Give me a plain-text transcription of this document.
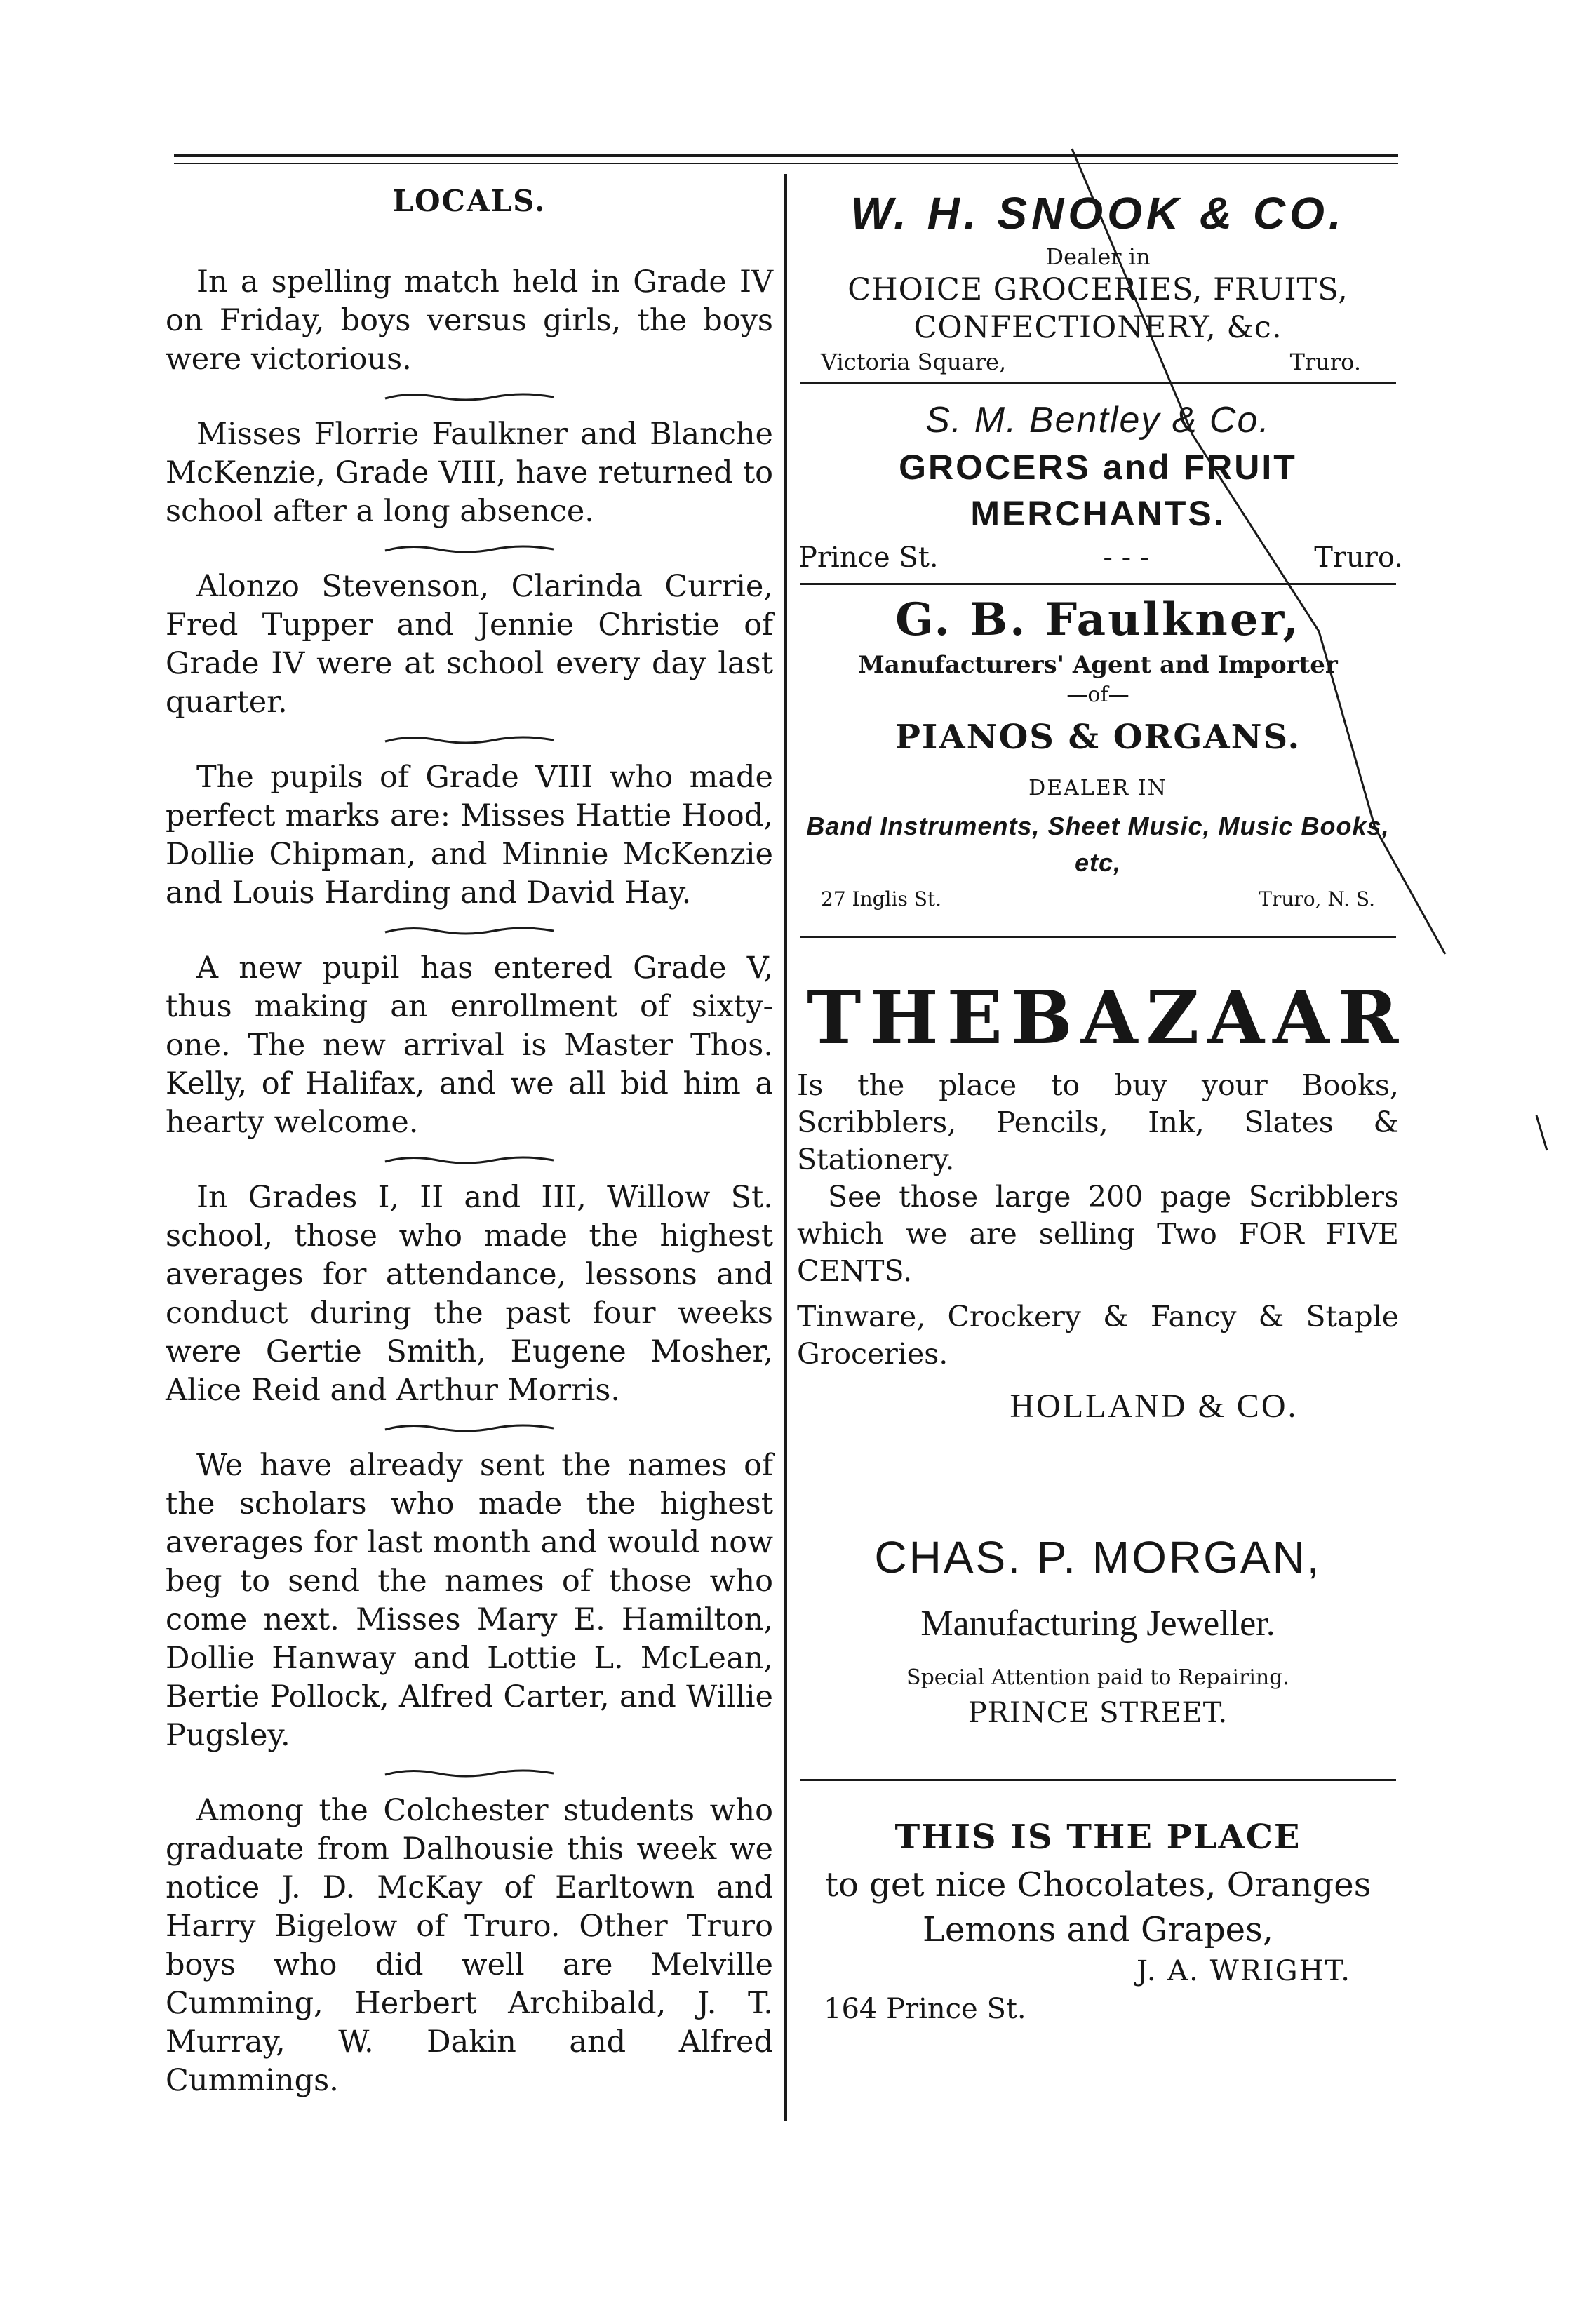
LOCALS.

In a spelling match held in Grade IV on Friday, boys versus girls, the boys were victorious.

Misses Florrie Faulkner and Blanche McKenzie, Grade VIII, have returned to school after a long absence.

Alonzo Stevenson, Clarinda Currie, Fred Tupper and Jennie Christie of Grade IV were at school every day last quarter.

The pupils of Grade VIII who made perfect marks are: Misses Hattie Hood, Dollie Chipman, and Minnie McKenzie and Louis Harding and David Hay.

A new pupil has entered Grade V, thus making an enrollment of sixty-one. The new arrival is Master Thos. Kelly, of Halifax, and we all bid him a hearty welcome.

In Grades I, II and III, Willow St. school, those who made the highest averages for attendance, lessons and conduct during the past four weeks were Gertie Smith, Eugene Mosher, Alice Reid and Arthur Morris.

We have already sent the names of the scholars who made the highest averages for last month and would now beg to send the names of those who come next. Misses Mary E. Hamilton, Dollie Hanway and Lottie L. McLean, Bertie Pollock, Alfred Carter, and Willie Pugsley.

Among the Colchester students who graduate from Dalhousie this week we notice J. D. McKay of Earltown and Harry Bigelow of Truro. Other Truro boys who did well are Melville Cumming, Herbert Archibald, J. T. Murray, W. Dakin and Alfred Cummings.

W. H. SNOOK & CO.

Dealer in

CHOICE GROCERIES, FRUITS,

CONFECTIONERY, &c.

Victoria Square,	Truro.

S. M. Bentley & Co.

GROCERS and FRUIT

MERCHANTS.

Prince St.	- - -	Truro.

G. B. Faulkner,

Manufacturers' Agent and Importer

—of—

PIANOS & ORGANS.

DEALER IN

Band Instruments, Sheet Music, Music Books, etc,

27 Inglis St.	Truro, N. S.
THE BAZAAR

Is the place to buy your Books, Scribblers, Pencils, Ink, Slates & Stationery.

See those large 200 page Scribblers which we are selling Two FOR FIVE CENTS.

Tinware, Crockery & Fancy & Staple Groceries.

HOLLAND & CO.

CHAS. P. MORGAN,

Manufacturing Jeweller.

Special Attention paid to Repairing.

PRINCE STREET.

THIS IS THE PLACE

to get nice Chocolates, Oranges

Lemons and Grapes,

J. A. WRIGHT.

164 Prince St.
